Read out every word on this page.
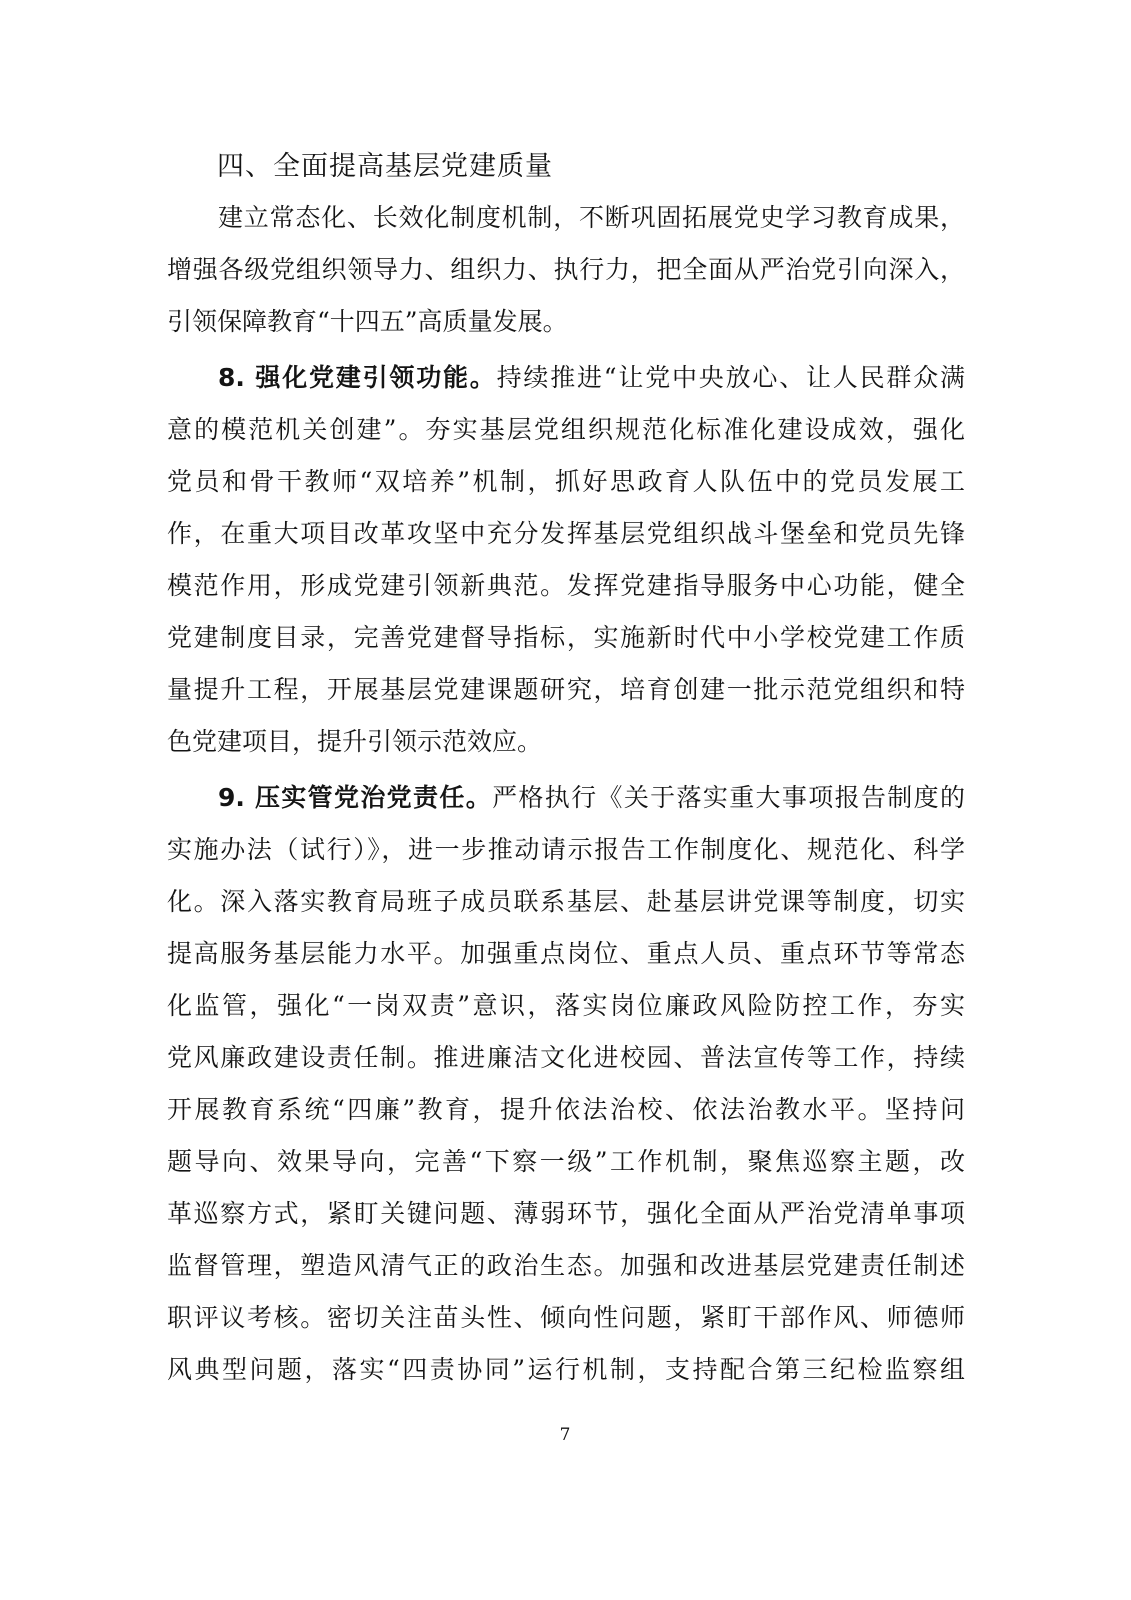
四、全面提高基层党建质量
建立常态化、长效化制度机制，不断巩固拓展党史学习教育成果，
增强各级党组织领导力、组织力、执行力，把全面从严治党引向深入，
引领保障教育“十四五”高质量发展。
8. 强化党建引领功能。持续推进“让党中央放心、让人民群众满
意的模范机关创建”。夯实基层党组织规范化标准化建设成效，强化
党员和骨干教师“双培养”机制，抓好思政育人队伍中的党员发展工
作，在重大项目改革攻坚中充分发挥基层党组织战斗堡垒和党员先锋
模范作用，形成党建引领新典范。发挥党建指导服务中心功能，健全
党建制度目录，完善党建督导指标，实施新时代中小学校党建工作质
量提升工程，开展基层党建课题研究，培育创建一批示范党组织和特
色党建项目，提升引领示范效应。
9. 压实管党治党责任。严格执行《关于落实重大事项报告制度的
实施办法（试行）》，进一步推动请示报告工作制度化、规范化、科学
化。深入落实教育局班子成员联系基层、赴基层讲党课等制度，切实
提高服务基层能力水平。加强重点岗位、重点人员、重点环节等常态
化监管，强化“一岗双责”意识，落实岗位廉政风险防控工作，夯实
党风廉政建设责任制。推进廉洁文化进校园、普法宣传等工作，持续
开展教育系统“四廉”教育，提升依法治校、依法治教水平。坚持问
题导向、效果导向，完善“下察一级”工作机制，聚焦巡察主题，改
革巡察方式，紧盯关键问题、薄弱环节，强化全面从严治党清单事项
监督管理，塑造风清气正的政治生态。加强和改进基层党建责任制述
职评议考核。密切关注苗头性、倾向性问题，紧盯干部作风、师德师
风典型问题，落实“四责协同”运行机制，支持配合第三纪检监察组
7
